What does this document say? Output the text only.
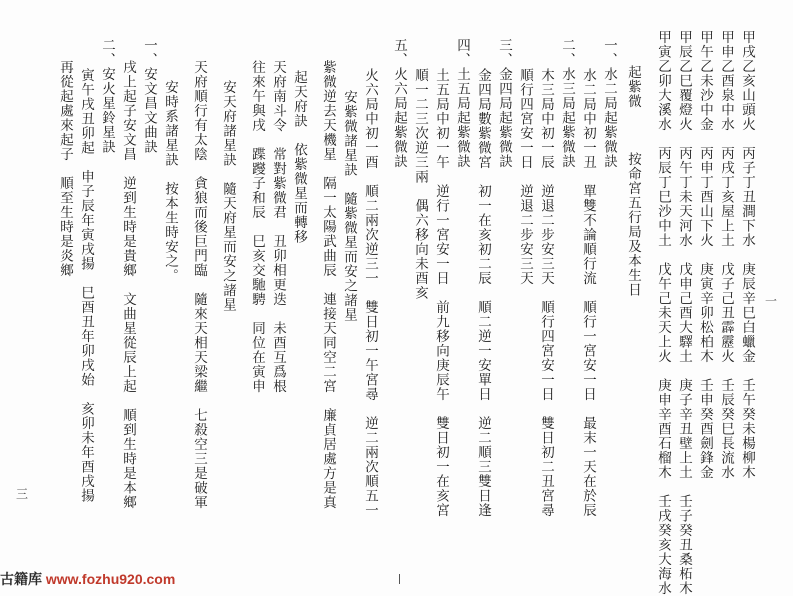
甲戌乙亥山頭火　丙子丁丑澗下水　庚辰辛巳白蠟金　壬午癸未楊柳木
甲申乙酉泉中水　丙戌丁亥屋上土　戊子己丑霹靂火　壬辰癸巳長流水
甲午乙未沙中金　丙申丁酉山下火　庚寅辛卯松柏木　壬申癸酉劍鋒金
甲辰乙巳覆燈火　丙午丁未天河水　戊申己酉大驛土　庚子辛丑壁上土　壬子癸丑桑柘木
甲寅乙卯大溪水　丙辰丁巳沙中土　戊午己未天上火　庚申辛酉石榴木　壬戌癸亥大海水
起紫微　　　按命宮五行局及本生日
一、水二局起紫微訣
水二局中初一丑　單雙不論順行流　順行一宮安一日　最末一天在於辰
二、水三局起紫微訣
木三局中初一辰　逆退二步安三天　順行四宮安一日　雙日初二丑宮尋
順行四宮安一日　逆退二步安三天
三、金四局起紫微訣
金四局數紫微宮　初一在亥初二辰　順二逆一安單日　逆二順三雙日逢
四、土五局起紫微訣
土五局中初一午　逆行一宮安一日　前九移向庚辰午　雙日初一在亥宮
順一二三次逆三兩　偶六移向未酉亥
五、火六局起紫微訣
火六局中初一酉　順二兩次逆三一　雙日初一午宮尋　逆二兩次順五一
安紫微諸星訣　隨紫微星而安之諸星
紫微逆去天機星　隔一太陽武曲辰　連接天同空二宮　廉貞居處方是真
起天府訣　依紫微星而轉移
天府南斗令　常對紫微君　丑卯相更迭　未酉互爲根
往來午與戌　蹀躞子和辰　巳亥交馳騁　同位在寅申
安天府諸星訣　隨天府星而安之諸星
天府順行有太陰　貪狼而後巨門臨　隨來天相天梁繼　七殺空三是破軍
安時系諸星訣　按本生時安之。
一、安文昌文曲訣
戌上起子安文昌　逆到生時是貴鄉　文曲星從辰上起　順到生時是本鄉
二、安火星鈴星訣
寅午戌丑卯起　申子辰年寅戌揚　巳酉丑年卯戌始　亥卯未年酉戌揚
再從起處來起子　順至生時是炎鄉
一
三
古籍库 www.fozhu920.com
